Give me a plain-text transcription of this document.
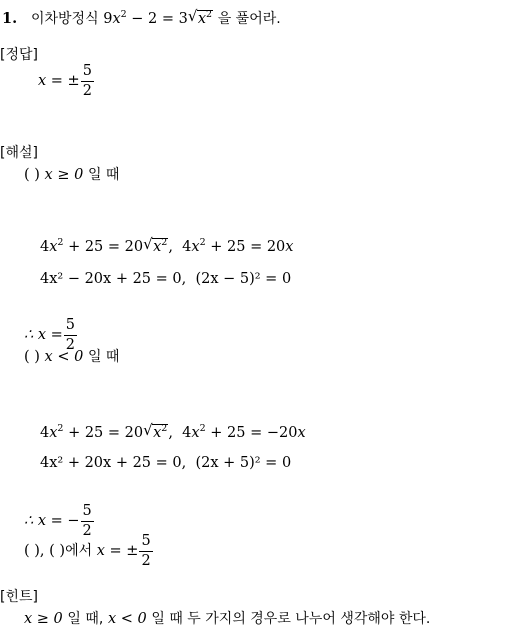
1. 이차방정식 $9x^2 - 2 = 3$ √ $x^2$ 을 풀어라.
[정답]
x = ± $\frac{5}{2}$
[해설]
( ) x ≥ 0 일 때
$4x^2 + 25 = 20$ √ $x^2$,  $4x^2 + 25 = 20x$
4x² − 20x + 25 = 0, (2x − 5)² = 0
∴ $x = \frac{5}{2}$
( ) x < 0 일 때
$4x^2 + 25 = 20$ √ $x^2$,  $4x^2 + 25 = -20x$
4x² + 20x + 25 = 0, (2x + 5)² = 0
∴ x = − $\frac{5}{2}$
( ), ( )에서 x = ± $\frac{5}{2}$
[힌트]
x ≥ 0 일 때, x < 0 일 때 두 가지의 경우로 나누어 생각해야 한다.
